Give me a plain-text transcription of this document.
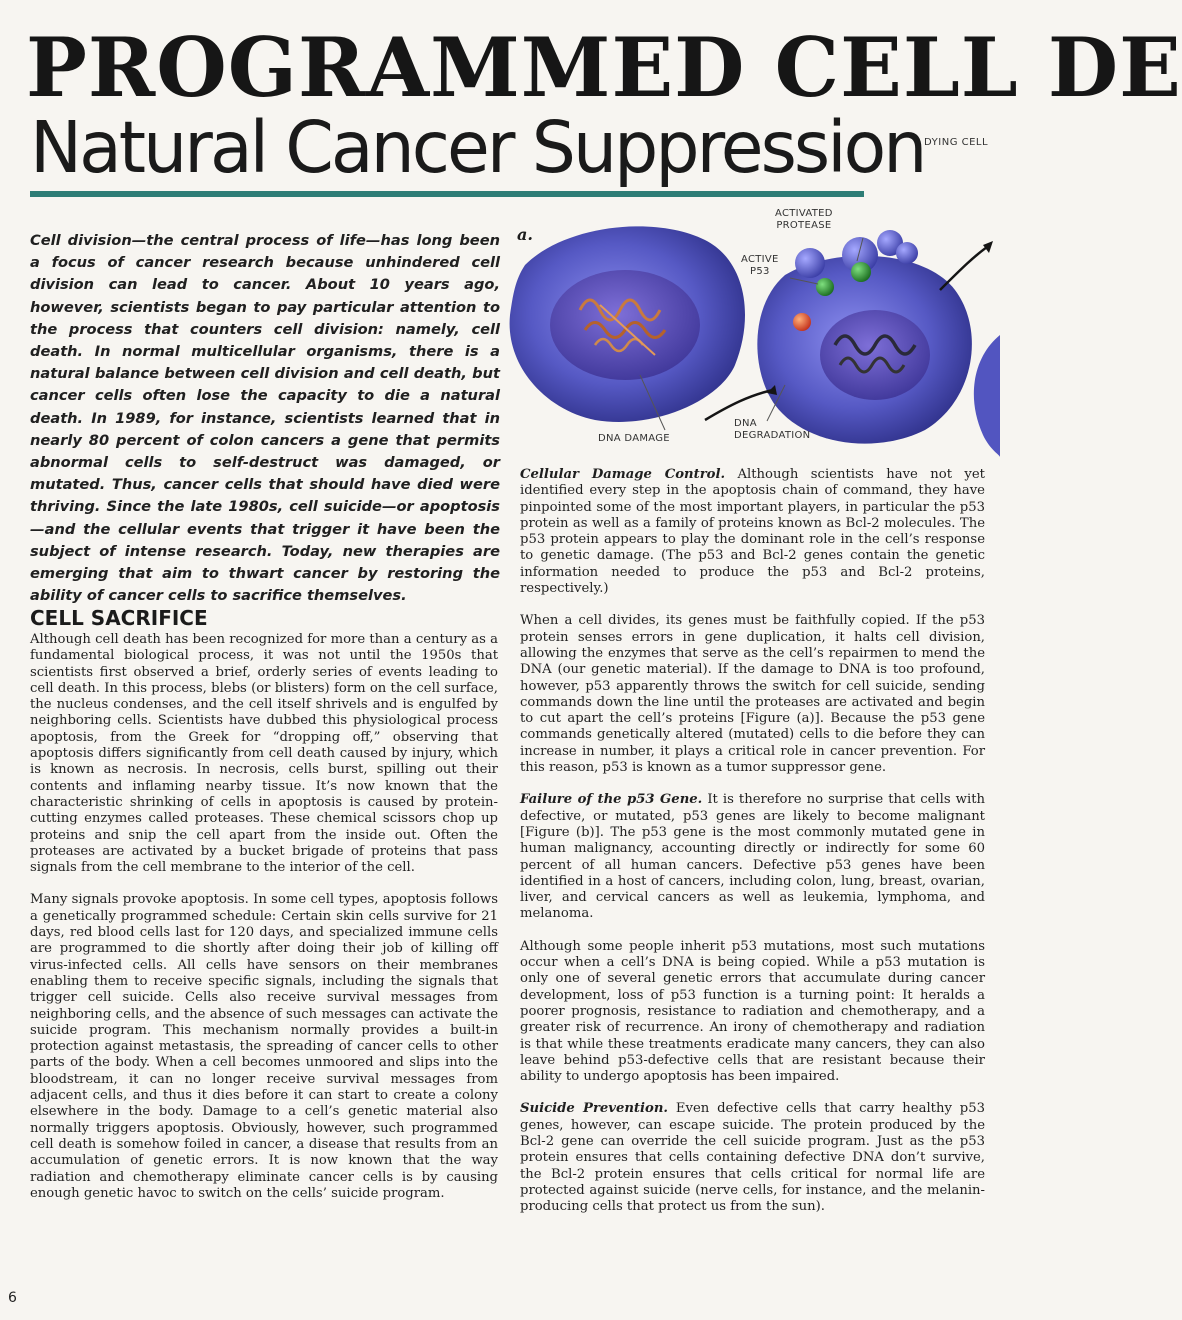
PROGRAMMED CELL DE
Natural Cancer Suppression DYING CELL

Cell division—the central process of life—has long been a focus of cancer research because unhindered cell division can lead to cancer. About 10 years ago, however, scientists began to pay particular attention to the process that counters cell division: namely, cell death. In normal multicellular organisms, there is a natural balance between cell division and cell death, but cancer cells often lose the capacity to die a natural death. In 1989, for instance, scientists learned that in nearly 80 percent of colon cancers a gene that permits abnormal cells to self-destruct was damaged, or mutated. Thus, cancer cells that should have died were thriving. Since the late 1980s, cell suicide—or apoptosis—and the cellular events that trigger it have been the subject of intense research. Today, new therapies are emerging that aim to thwart cancer by restoring the ability of cancer cells to sacrifice themselves.

a.
ACTIVATED
PROTEASE
ACTIVE
P53
DNA DAMAGE
DNA
DEGRADATION
CELL SACRIFICE

Although cell death has been recognized for more than a century as a fundamental biological process, it was not until the 1950s that scientists first observed a brief, orderly series of events leading to cell death. In this process, blebs (or blisters) form on the cell surface, the nucleus condenses, and the cell itself shrivels and is engulfed by neighboring cells. Scientists have dubbed this physiological process apoptosis, from the Greek for “dropping off,” observing that apoptosis differs significantly from cell death caused by injury, which is known as necrosis. In necrosis, cells burst, spilling out their contents and inflaming nearby tissue. It’s now known that the characteristic shrinking of cells in apoptosis is caused by protein-cutting enzymes called proteases. These chemical scissors chop up proteins and snip the cell apart from the inside out. Often the proteases are activated by a bucket brigade of proteins that pass signals from the cell membrane to the interior of the cell.

Many signals provoke apoptosis. In some cell types, apoptosis follows a genetically programmed schedule: Certain skin cells survive for 21 days, red blood cells last for 120 days, and specialized immune cells are programmed to die shortly after doing their job of killing off virus-infected cells. All cells have sensors on their membranes enabling them to receive specific signals, including the signals that trigger cell suicide. Cells also receive survival messages from neighboring cells, and the absence of such messages can activate the suicide program. This mechanism normally provides a built-in protection against metastasis, the spreading of cancer cells to other parts of the body. When a cell becomes unmoored and slips into the bloodstream, it can no longer receive survival messages from adjacent cells, and thus it dies before it can start to create a colony elsewhere in the body. Damage to a cell’s genetic material also normally triggers apoptosis. Obviously, however, such programmed cell death is somehow foiled in cancer, a disease that results from an accumulation of genetic errors. It is now known that the way radiation and chemotherapy eliminate cancer cells is by causing enough genetic havoc to switch on the cells’ suicide program.

Cellular Damage Control. Although scientists have not yet identified every step in the apoptosis chain of command, they have pinpointed some of the most important players, in particular the p53 protein as well as a family of proteins known as Bcl-2 molecules. The p53 protein appears to play the dominant role in the cell’s response to genetic damage. (The p53 and Bcl-2 genes contain the genetic information needed to produce the p53 and Bcl-2 proteins, respectively.)

When a cell divides, its genes must be faithfully copied. If the p53 protein senses errors in gene duplication, it halts cell division, allowing the enzymes that serve as the cell’s repairmen to mend the DNA (our genetic material). If the damage to DNA is too profound, however, p53 apparently throws the switch for cell suicide, sending commands down the line until the proteases are activated and begin to cut apart the cell’s proteins [Figure (a)]. Because the p53 gene commands genetically altered (mutated) cells to die before they can increase in number, it plays a critical role in cancer prevention. For this reason, p53 is known as a tumor suppressor gene.

Failure of the p53 Gene. It is therefore no surprise that cells with defective, or mutated, p53 genes are likely to become malignant [Figure (b)]. The p53 gene is the most commonly mutated gene in human malignancy, accounting directly or indirectly for some 60 percent of all human cancers. Defective p53 genes have been identified in a host of cancers, including colon, lung, breast, ovarian, liver, and cervical cancers as well as leukemia, lymphoma, and melanoma.

Although some people inherit p53 mutations, most such mutations occur when a cell’s DNA is being copied. While a p53 mutation is only one of several genetic errors that accumulate during cancer development, loss of p53 function is a turning point: It heralds a poorer prognosis, resistance to radiation and chemotherapy, and a greater risk of recurrence. An irony of chemotherapy and radiation is that while these treatments eradicate many cancers, they can also leave behind p53-defective cells that are resistant because their ability to undergo apoptosis has been impaired.

Suicide Prevention. Even defective cells that carry healthy p53 genes, however, can escape suicide. The protein produced by the Bcl-2 gene can override the cell suicide program. Just as the p53 protein ensures that cells containing defective DNA don’t survive, the Bcl-2 protein ensures that cells critical for normal life are protected against suicide (nerve cells, for instance, and the melanin-producing cells that protect us from the sun).

6
